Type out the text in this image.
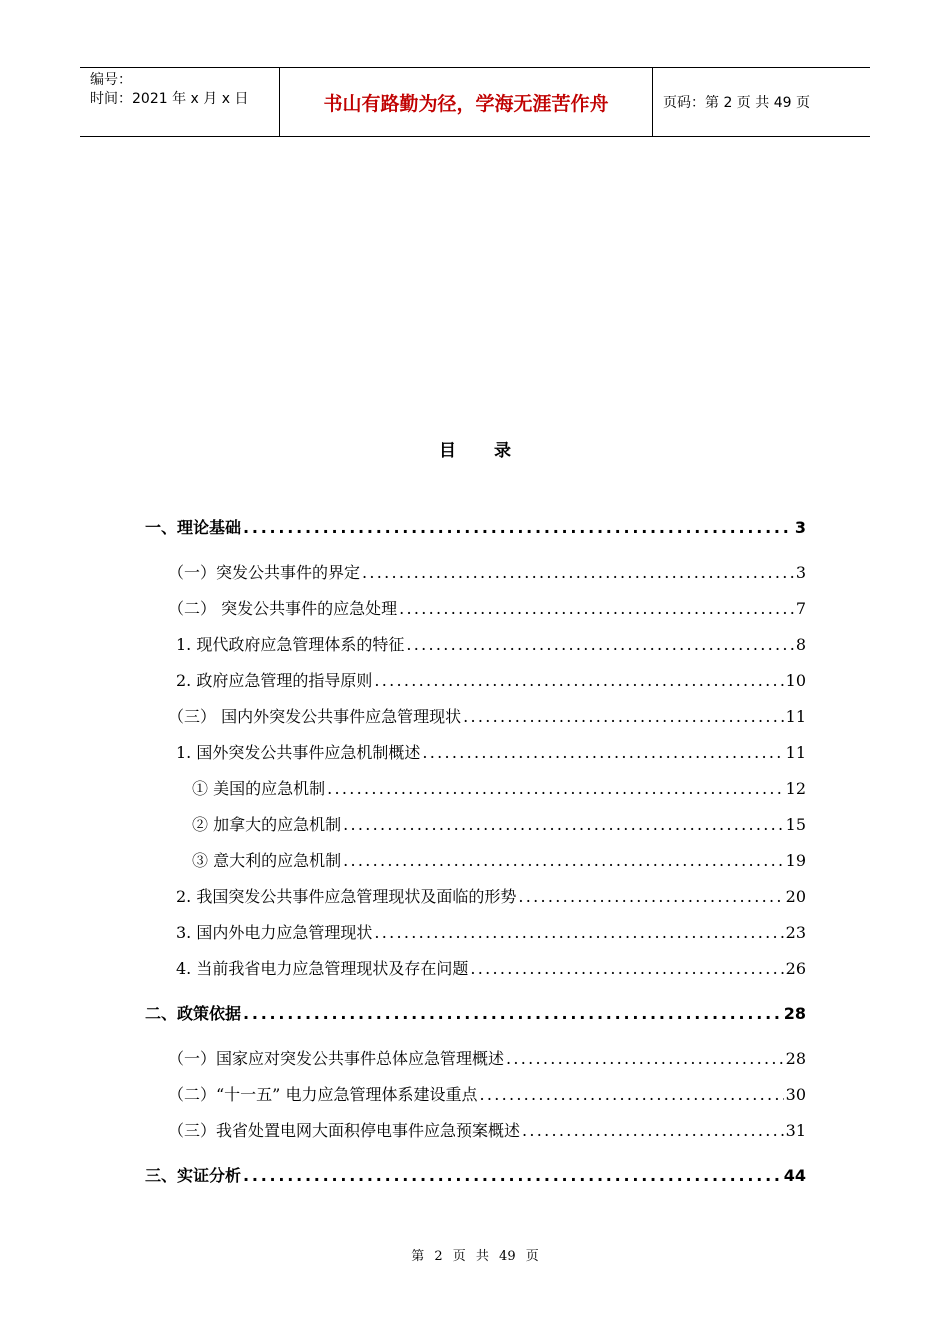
编号：
时间：2021 年 x 月 x 日	书山有路勤为径，学海无涯苦作舟	页码：第 2 页 共 49 页
目 录
一、理论基础 . . .	3
（一）突发公共事件的界定 . . .	3
（二） 突发公共事件的应急处理 . . .	7
1. 现代政府应急管理体系的特征 . . .	8
2. 政府应急管理的指导原则 . . .	10
（三） 国内外突发公共事件应急管理现状 . . .	11
1. 国外突发公共事件应急机制概述 . . .	11
① 美国的应急机制 . . .	12
② 加拿大的应急机制 . . .	15
③ 意大利的应急机制 . . .	19
2. 我国突发公共事件应急管理现状及面临的形势 . . .	20
3. 国内外电力应急管理现状 . . .	23
4. 当前我省电力应急管理现状及存在问题 . . .	26
二、政策依据 . . .	28
（一）国家应对突发公共事件总体应急管理概述 . . .	28
（二）“十一五” 电力应急管理体系建设重点 . . .	30
（三）我省处置电网大面积停电事件应急预案概述 . . .	31
三、实证分析 . . .	44
第 2 页 共 49 页
